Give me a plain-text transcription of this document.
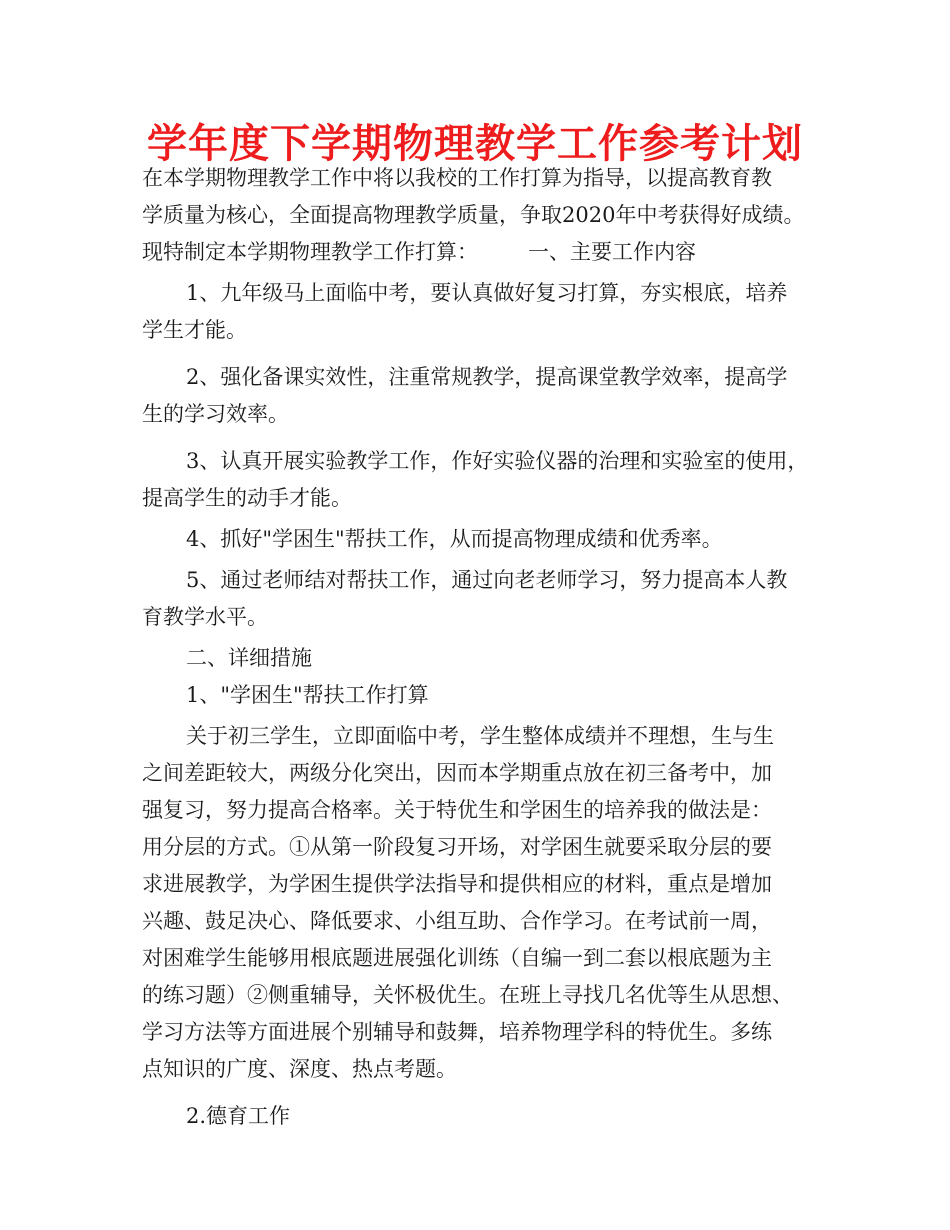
学年度下学期物理教学工作参考计划
在本学期物理教学工作中将以我校的工作打算为指导，以提高教育教
学质量为核心，全面提高物理教学质量，争取2020年中考获得好成绩。
现特制定本学期物理教学工作打算： 一、主要工作内容
1、九年级马上面临中考，要认真做好复习打算，夯实根底，培养
学生才能。
2、强化备课实效性，注重常规教学，提高课堂教学效率，提高学
生的学习效率。
3、认真开展实验教学工作，作好实验仪器的治理和实验室的使用，
提高学生的动手才能。
4、抓好"学困生"帮扶工作，从而提高物理成绩和优秀率。
5、通过老师结对帮扶工作，通过向老老师学习，努力提高本人教
育教学水平。
二、详细措施
1、"学困生"帮扶工作打算
关于初三学生，立即面临中考，学生整体成绩并不理想，生与生
之间差距较大，两级分化突出，因而本学期重点放在初三备考中，加
强复习，努力提高合格率。关于特优生和学困生的培养我的做法是：
用分层的方式。①从第一阶段复习开场，对学困生就要采取分层的要
求进展教学，为学困生提供学法指导和提供相应的材料，重点是增加
兴趣、鼓足决心、降低要求、小组互助、合作学习。在考试前一周，
对困难学生能够用根底题进展强化训练（自编一到二套以根底题为主
的练习题）②侧重辅导，关怀极优生。在班上寻找几名优等生从思想、
学习方法等方面进展个别辅导和鼓舞，培养物理学科的特优生。多练
点知识的广度、深度、热点考题。
2.德育工作
